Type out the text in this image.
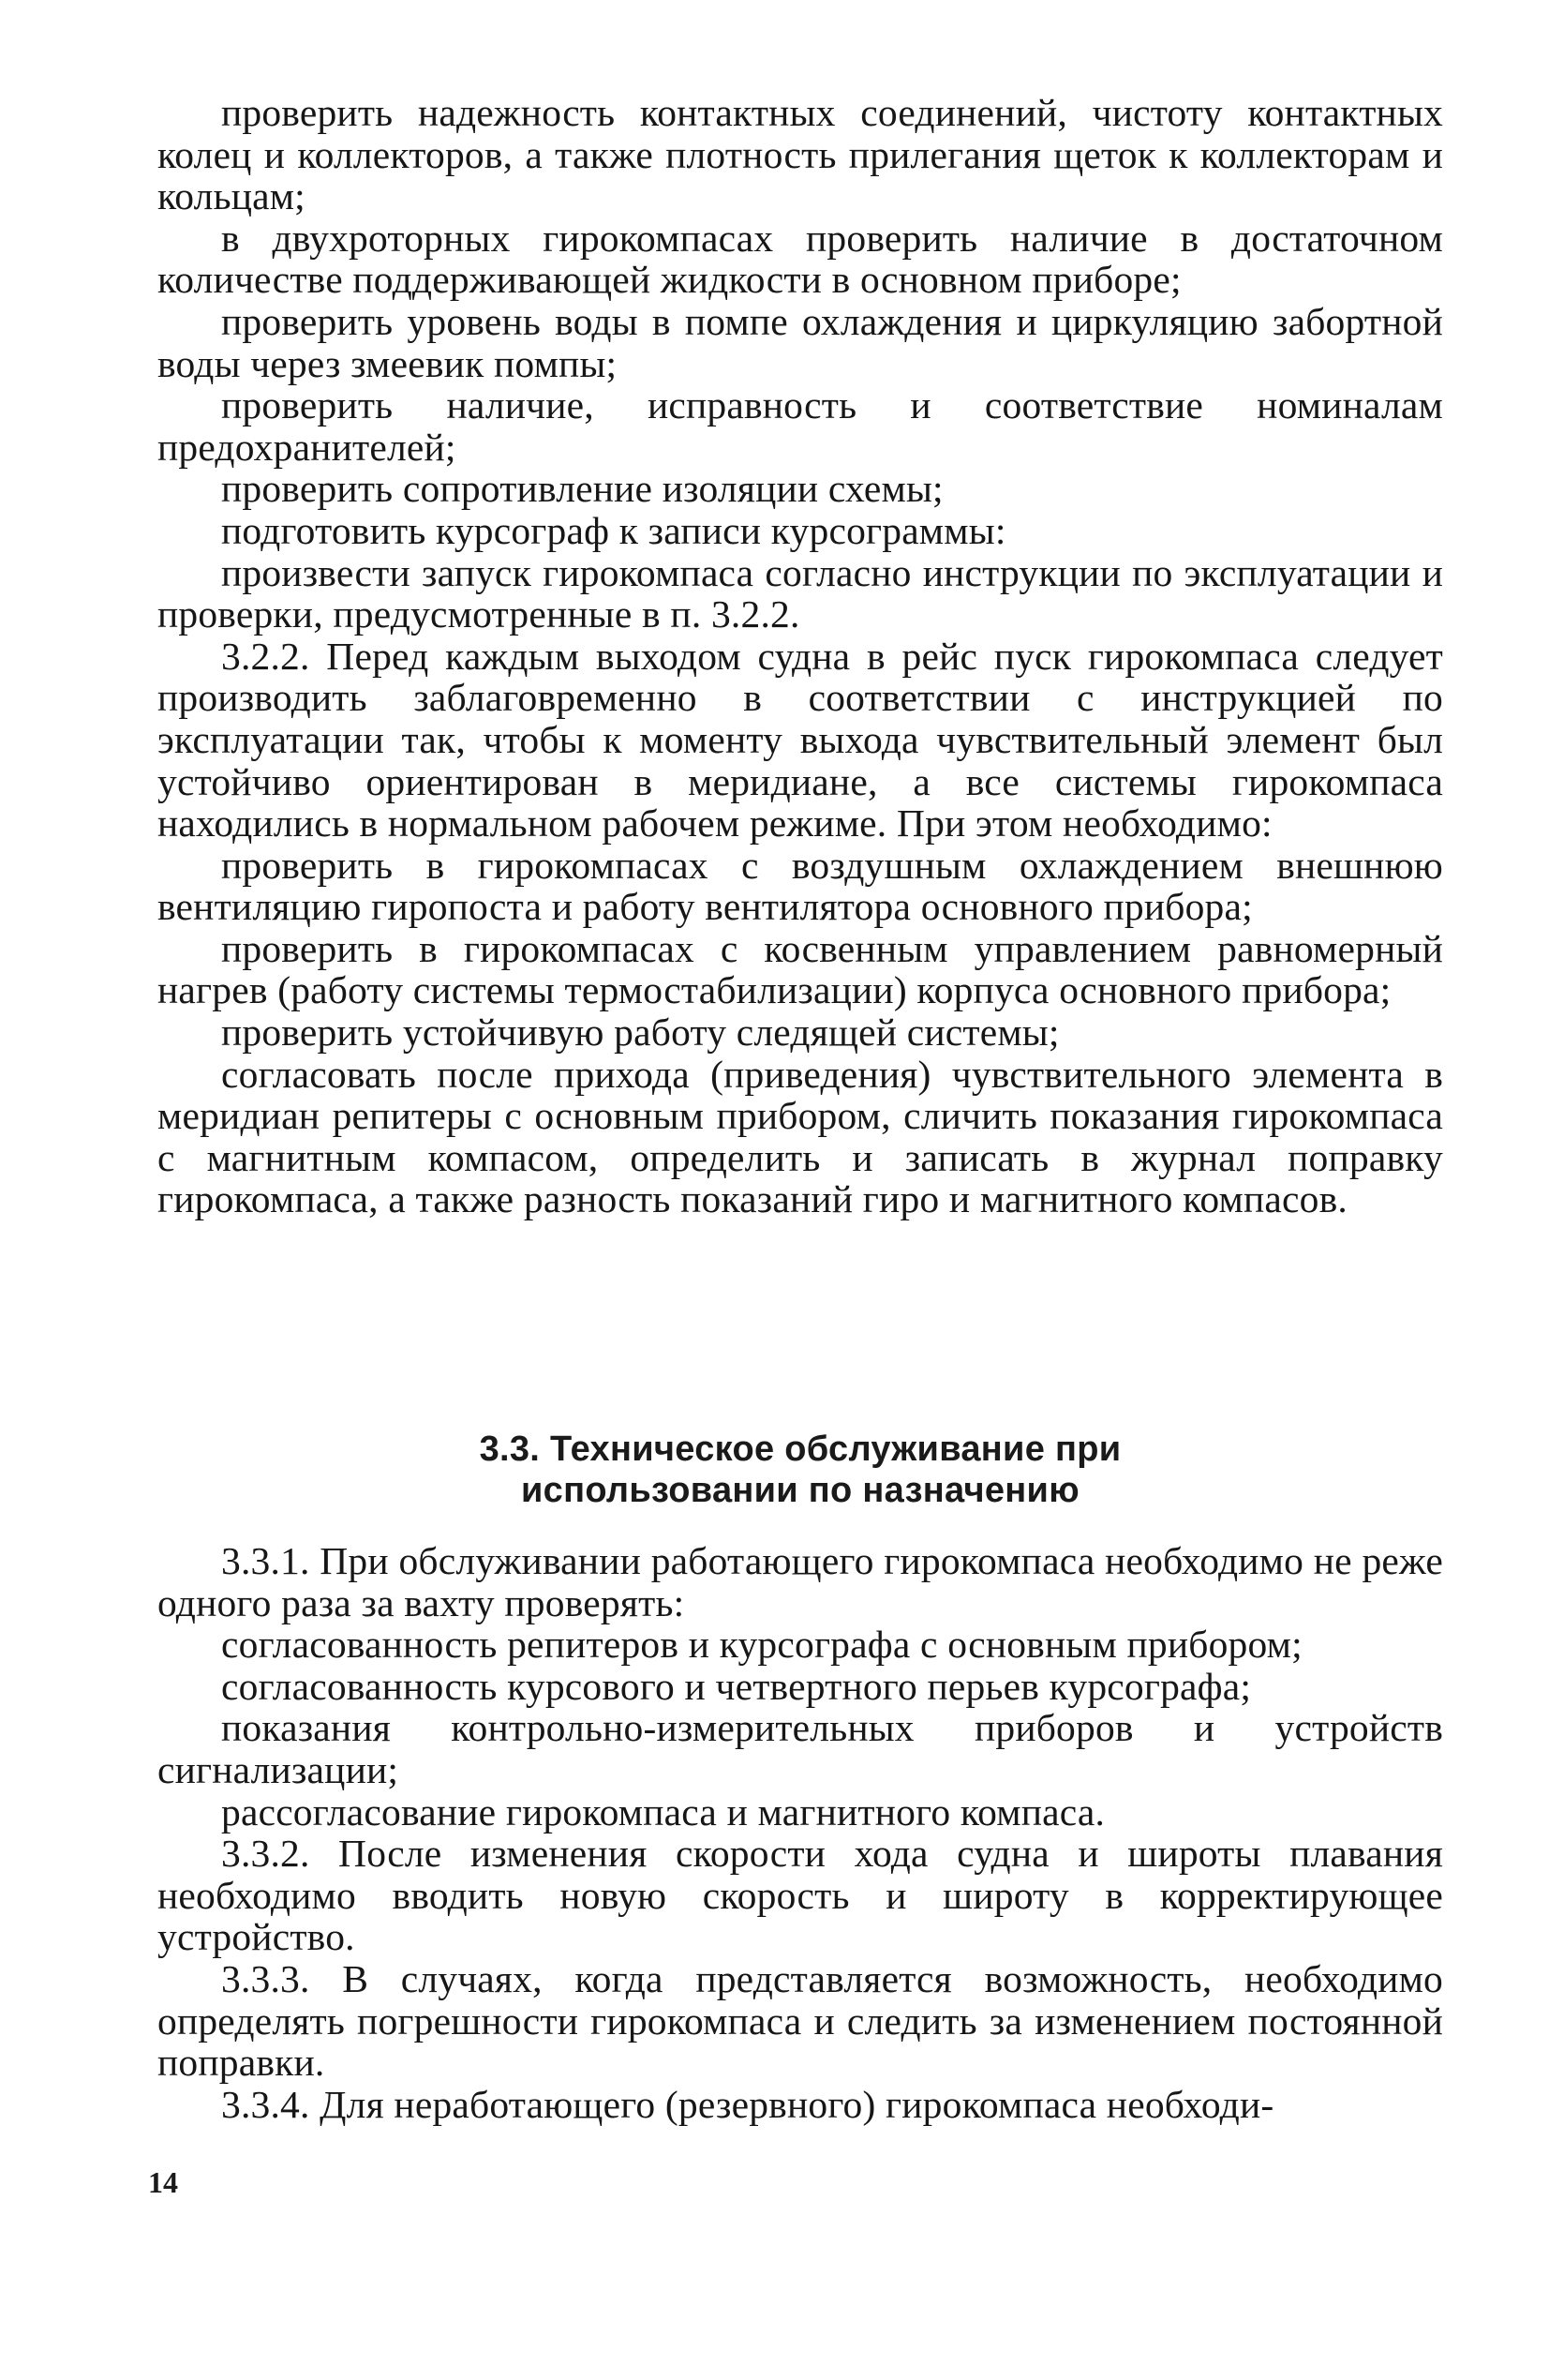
проверить надежность контактных соединений, чистоту контактных колец и коллекторов, а также плотность прилегания щеток к коллекторам и кольцам;

в двухроторных гирокомпасах проверить наличие в достаточном количестве поддерживающей жидкости в основном приборе;

проверить уровень воды в помпе охлаждения и циркуляцию забортной воды через змеевик помпы;

проверить наличие, исправность и соответствие номиналам предохранителей;

проверить сопротивление изоляции схемы;

подготовить курсограф к записи курсограммы:

произвести запуск гирокомпаса согласно инструкции по эксплуатации и проверки, предусмотренные в п. 3.2.2.

3.2.2. Перед каждым выходом судна в рейс пуск гирокомпаса следует производить заблаговременно в соответствии с инструкцией по эксплуатации так, чтобы к моменту выхода чувствительный элемент был устойчиво ориентирован в меридиане, а все системы гирокомпаса находились в нормальном рабочем режиме. При этом необходимо:

проверить в гирокомпасах с воздушным охлаждением внешнюю вентиляцию гиропоста и работу вентилятора основного прибора;

проверить в гирокомпасах с косвенным управлением равномерный нагрев (работу системы термостабилизации) корпуса основного прибора;

проверить устойчивую работу следящей системы;

согласовать после прихода (приведения) чувствительного элемента в меридиан репитеры с основным прибором, сличить показания гирокомпаса с магнитным компасом, определить и записать в журнал поправку гирокомпаса, а также разность показаний гиро и магнитного компасов.

3.3. Техническое обслуживание при

использовании по назначению

3.3.1. При обслуживании работающего гирокомпаса необходимо не реже одного раза за вахту проверять:

согласованность репитеров и курсографа с основным прибором;

согласованность курсового и четвертного перьев курсографа;

показания контрольно-измерительных приборов и устройств сигнализации;

рассогласование гирокомпаса и магнитного компаса.

3.3.2. После изменения скорости хода судна и широты плавания необходимо вводить новую скорость и широту в корректирующее устройство.

3.3.3. В случаях, когда представляется возможность, необходимо определять погрешности гирокомпаса и следить за изменением постоянной поправки.

3.3.4. Для неработающего (резервного) гирокомпаса необходи-

14
